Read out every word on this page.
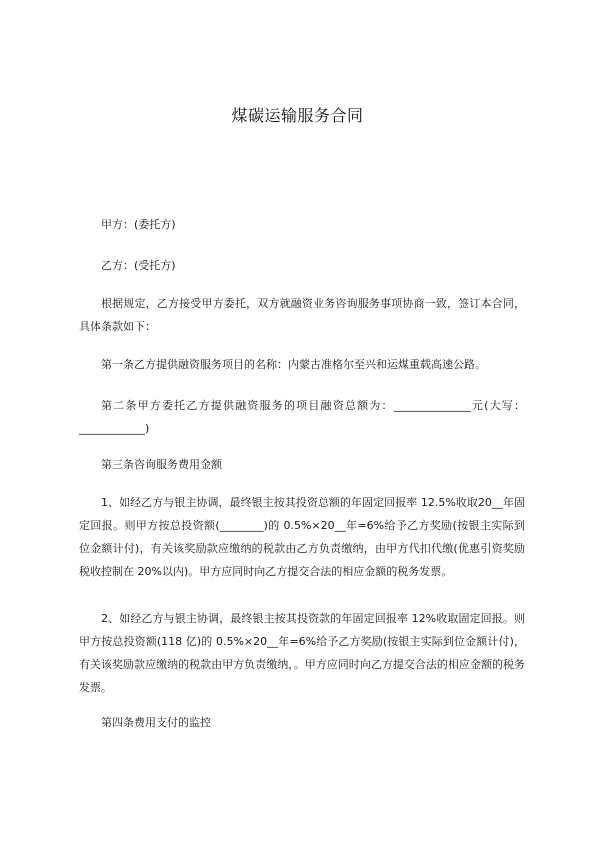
煤碳运输服务合同
甲方：(委托方)
乙方：(受托方)
根据规定，乙方接受甲方委托，双方就融资业务咨询服务事项协商一致，签订本合同，具体条款如下：
第一条乙方提供融资服务项目的名称：内蒙古准格尔至兴和运煤重载高速公路。
第二条甲方委托乙方提供融资服务的项目融资总额为：______________元(大写：____________)
第三条咨询服务费用金额
1、如经乙方与银主协调，最终银主按其投资总额的年固定回报率 12.5%收取20__年固定回报。则甲方按总投资额(________)的 0.5%×20__年=6%给予乙方奖励(按银主实际到位金额计付)，有关该奖励款应缴纳的税款由乙方负责缴纳，由甲方代扣代缴(优惠引资奖励税收控制在 20%以内)。甲方应同时向乙方提交合法的相应金额的税务发票。
2、如经乙方与银主协调，最终银主按其投资款的年固定回报率 12%收取固定回报。则甲方按总投资额(118 亿)的 0.5%×20__年=6%给予乙方奖励(按银主实际到位金额计付)，有关该奖励款应缴纳的税款由甲方负责缴纳，。甲方应同时向乙方提交合法的相应金额的税务发票。
第四条费用支付的监控
